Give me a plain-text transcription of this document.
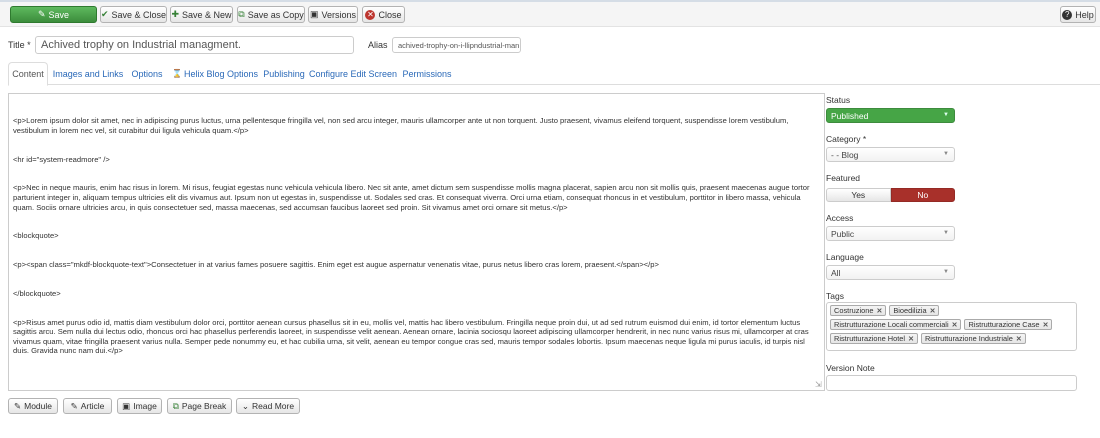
✎ Save	✔ Save & Close ✚ Save & New ⧉ Save as Copy ▣ Versions ✕ Close	? Help
Title * Achived trophy on Industrial managment.	Alias	achived-trophy-on-i-llipndustrial-man
Content Images and Links Options	⌛ Helix Blog Options Publishing Configure Edit Screen Permissions

<p>Lorem ipsum dolor sit amet, nec in adipiscing purus luctus, urna pellentesque fringilla vel, non sed arcu integer, mauris ullamcorper ante ut non torquent. Justo praesent, vivamus eleifend torquent, suspendisse lorem vestibulum, vestibulum in lorem nec vel, sit curabitur dui ligula vehicula quam.</p>

<hr id="system-readmore" />

<p>Nec in neque mauris, enim hac risus in lorem. Mi risus, feugiat egestas nunc vehicula vehicula libero. Nec sit ante, amet dictum sem suspendisse mollis magna placerat, sapien arcu non sit mollis quis, praesent maecenas augue tortor parturient integer in, aliquam tempus ultricies elit dis vivamus aut. Ipsum non ut egestas in, suspendisse ut. Sodales sed cras. Et consequat viverra. Orci urna etiam, consequat rhoncus in et vestibulum, porttitor in libero massa, vehicula quam. Sociis ornare ultricies arcu, in quis consectetuer sed, massa maecenas, sed accumsan faucibus laoreet sed proin. Sit vivamus amet orci ornare sit metus.</p>

<blockquote>

<p><span class="mkdf-blockquote-text">Consectetuer in at varius fames posuere sagittis. Enim eget est augue aspernatur venenatis vitae, purus netus libero cras lorem, praesent.</span></p>

</blockquote>

<p>Risus amet purus odio id, mattis diam vestibulum dolor orci, porttitor aenean cursus phasellus sit in eu, mollis vel, mattis hac libero vestibulum. Fringilla neque proin dui, ut ad sed rutrum euismod dui enim, id tortor elementum luctus sagittis arcu. Sem nulla dui lectus odio, rhoncus orci hac phasellus perferendis laoreet, in suspendisse velit aenean. Aenean ornare, lacinia sociosqu laoreet adipiscing ullamcorper hendrerit, in nec nunc varius risus mi, ullamcorper at cras vivamus quam, vitae fringilla praesent varius nulla. Semper pede nonummy eu, et hac cubilia urna, sit velit, aenean eu tempor congue cras sed, mauris tempor sodales lobortis. Ipsum maecenas neque ligula mi purus iaculis, id turpis nisl duis. Gravida nunc nam dui.</p>

⇲

Status
Published	▼
Category *
- - Blog	▼
Featured
Yes	No
Access
Public	▼
Language
All	▼
Tags
Costruzione ✕ Bioedilizia ✕
Ristrutturazione Locali commerciali ✕ Ristrutturazione Case ✕
Ristrutturazione Hotel ✕ Ristrutturazione Industriale ✕
Version Note
✎ Module ✎ Article ▣ Image ⧉ Page Break ⌄ Read More
